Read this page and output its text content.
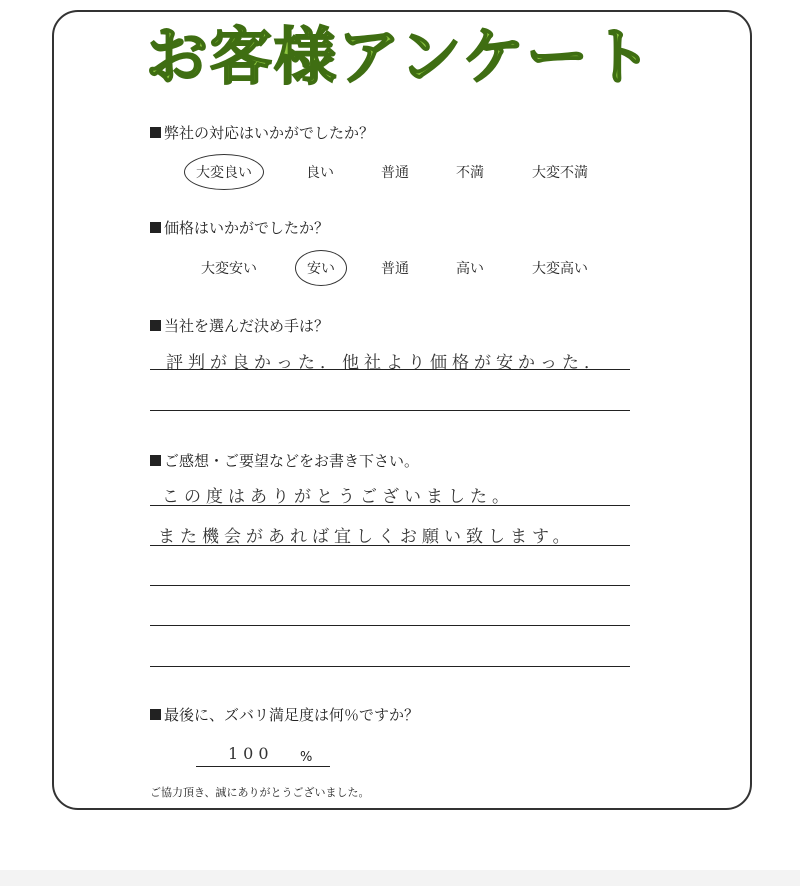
お客様アンケート
弊社の対応はいかがでしたか？
大変良い	良い	普通	不満	大変不満
価格はいかがでしたか？
大変安い	安い	普通	高い	大変高い
当社を選んだ決め手は？
評判が良かった．他社より価格が安かった．
ご感想・ご要望などをお書き下さい。
この度はありがとうございました。
また機会があれば宜しくお願い致します。
最後に、ズバリ満足度は何％ですか？
100 %
ご協力頂き、誠にありがとうございました。
